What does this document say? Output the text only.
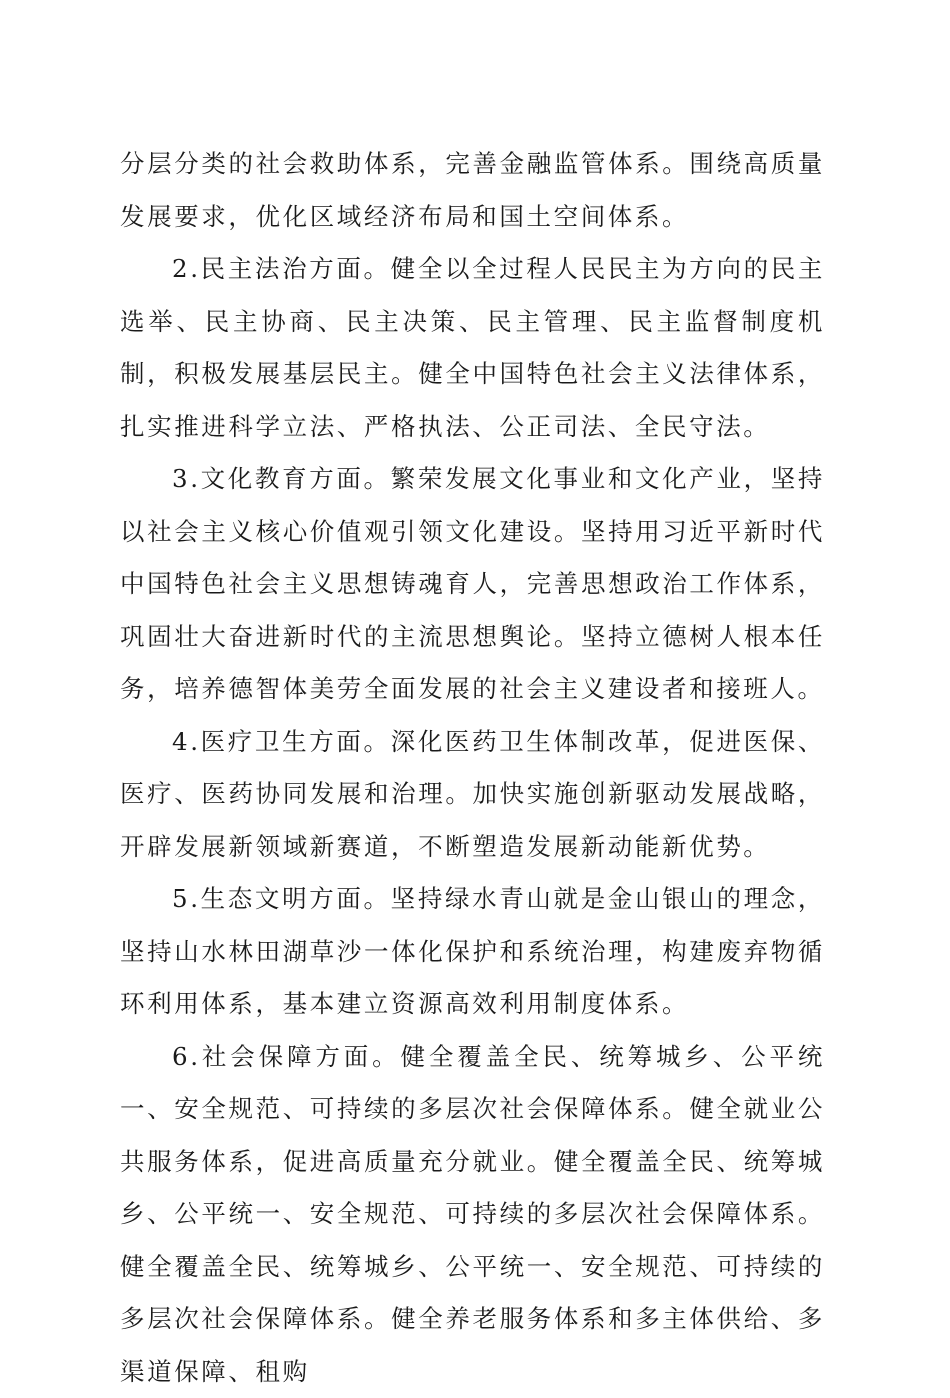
分层分类的社会救助体系，完善金融监管体系。围绕高质量发展要求，优化区域经济布局和国土空间体系。

2.民主法治方面。健全以全过程人民民主为方向的民主选举、民主协商、民主决策、民主管理、民主监督制度机制，积极发展基层民主。健全中国特色社会主义法律体系，扎实推进科学立法、严格执法、公正司法、全民守法。

3.文化教育方面。繁荣发展文化事业和文化产业，坚持以社会主义核心价值观引领文化建设。坚持用习近平新时代中国特色社会主义思想铸魂育人，完善思想政治工作体系，巩固壮大奋进新时代的主流思想舆论。坚持立德树人根本任务，培养德智体美劳全面发展的社会主义建设者和接班人。

4.医疗卫生方面。深化医药卫生体制改革，促进医保、医疗、医药协同发展和治理。加快实施创新驱动发展战略，开辟发展新领域新赛道，不断塑造发展新动能新优势。

5.生态文明方面。坚持绿水青山就是金山银山的理念，坚持山水林田湖草沙一体化保护和系统治理，构建废弃物循环利用体系，基本建立资源高效利用制度体系。

6.社会保障方面。健全覆盖全民、统筹城乡、公平统一、安全规范、可持续的多层次社会保障体系。健全就业公共服务体系，促进高质量充分就业。健全覆盖全民、统筹城乡、公平统一、安全规范、可持续的多层次社会保障体系。健全覆盖全民、统筹城乡、公平统一、安全规范、可持续的多层次社会保障体系。健全养老服务体系和多主体供给、多渠道保障、租购
